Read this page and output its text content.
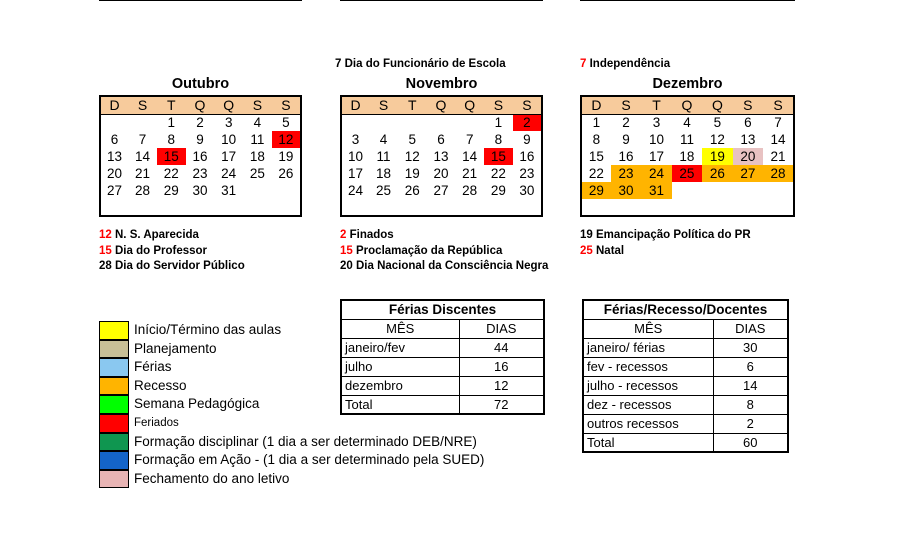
7 Dia do Funcionário de Escola	7 Independência
Outubro
D	S	T	Q	Q	S	S
		1	2	3	4	5
6	7	8	9	10	11	12
13	14	15	16	17	18	19
20	21	22	23	24	25	26
27	28	29	30	31		

Novembro
D	S	T	Q	Q	S	S
					1	2
3	4	5	6	7	8	9
10	11	12	13	14	15	16
17	18	19	20	21	22	23
24	25	26	27	28	29	30

Dezembro
D	S	T	Q	Q	S	S
1	2	3	4	5	6	7
8	9	10	11	12	13	14
15	16	17	18	19	20	21
22	23	24	25	26	27	28
29	30	31				

12 N. S. Aparecida
15 Dia do Professor
28 Dia do Servidor Público
2 Finados
15 Proclamação da República
20 Dia Nacional da Consciência Negra
19 Emancipação Política do PR
25 Natal
Início/Término das aulas
Planejamento
Férias
Recesso
Semana Pedagógica
Feriados
Formação disciplinar (1 dia a ser determinado DEB/NRE)
Formação em Ação - (1 dia a ser determinado pela SUED)
Fechamento do ano letivo
Férias Discentes	
MÊS	DIAS
janeiro/fev	44
julho	16
dezembro	12
Total	72
Férias/Recesso/Docentes	
MÊS	DIAS
janeiro/ férias	30
fev - recessos	6
julho - recessos	14
dez - recessos	8
outros recessos	2
Total	60
